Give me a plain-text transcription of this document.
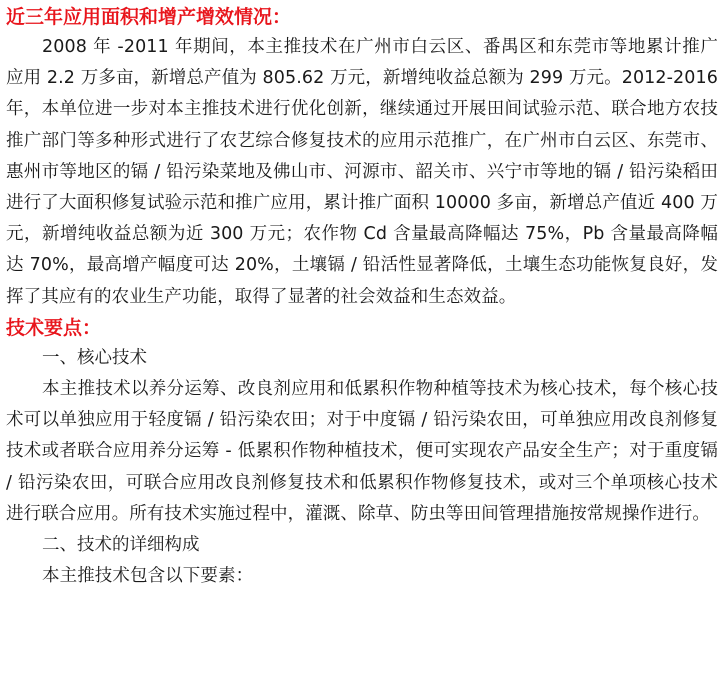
近三年应用面积和增产增效情况：

2008 年 -2011 年期间，本主推技术在广州市白云区、番禺区和东莞市等地累计推广应用 2.2 万多亩，新增总产值为 805.62 万元，新增纯收益总额为 299 万元。2012-2016 年，本单位进一步对本主推技术进行优化创新，继续通过开展田间试验示范、联合地方农技推广部门等多种形式进行了农艺综合修复技术的应用示范推广，在广州市白云区、东莞市、惠州市等地区的镉 / 铅污染菜地及佛山市、河源市、韶关市、兴宁市等地的镉 / 铅污染稻田进行了大面积修复试验示范和推广应用，累计推广面积 10000 多亩，新增总产值近 400 万元，新增纯收益总额为近 300 万元；农作物 Cd 含量最高降幅达 75%，Pb 含量最高降幅达 70%，最高增产幅度可达 20%，土壤镉 / 铅活性显著降低，土壤生态功能恢复良好，发挥了其应有的农业生产功能，取得了显著的社会效益和生态效益。

技术要点：

一、核心技术

本主推技术以养分运筹、改良剂应用和低累积作物种植等技术为核心技术，每个核心技术可以单独应用于轻度镉 / 铅污染农田；对于中度镉 / 铅污染农田，可单独应用改良剂修复技术或者联合应用养分运筹 - 低累积作物种植技术，便可实现农产品安全生产；对于重度镉 / 铅污染农田，可联合应用改良剂修复技术和低累积作物修复技术，或对三个单项核心技术进行联合应用。所有技术实施过程中，灌溉、除草、防虫等田间管理措施按常规操作进行。

二、技术的详细构成

本主推技术包含以下要素：
